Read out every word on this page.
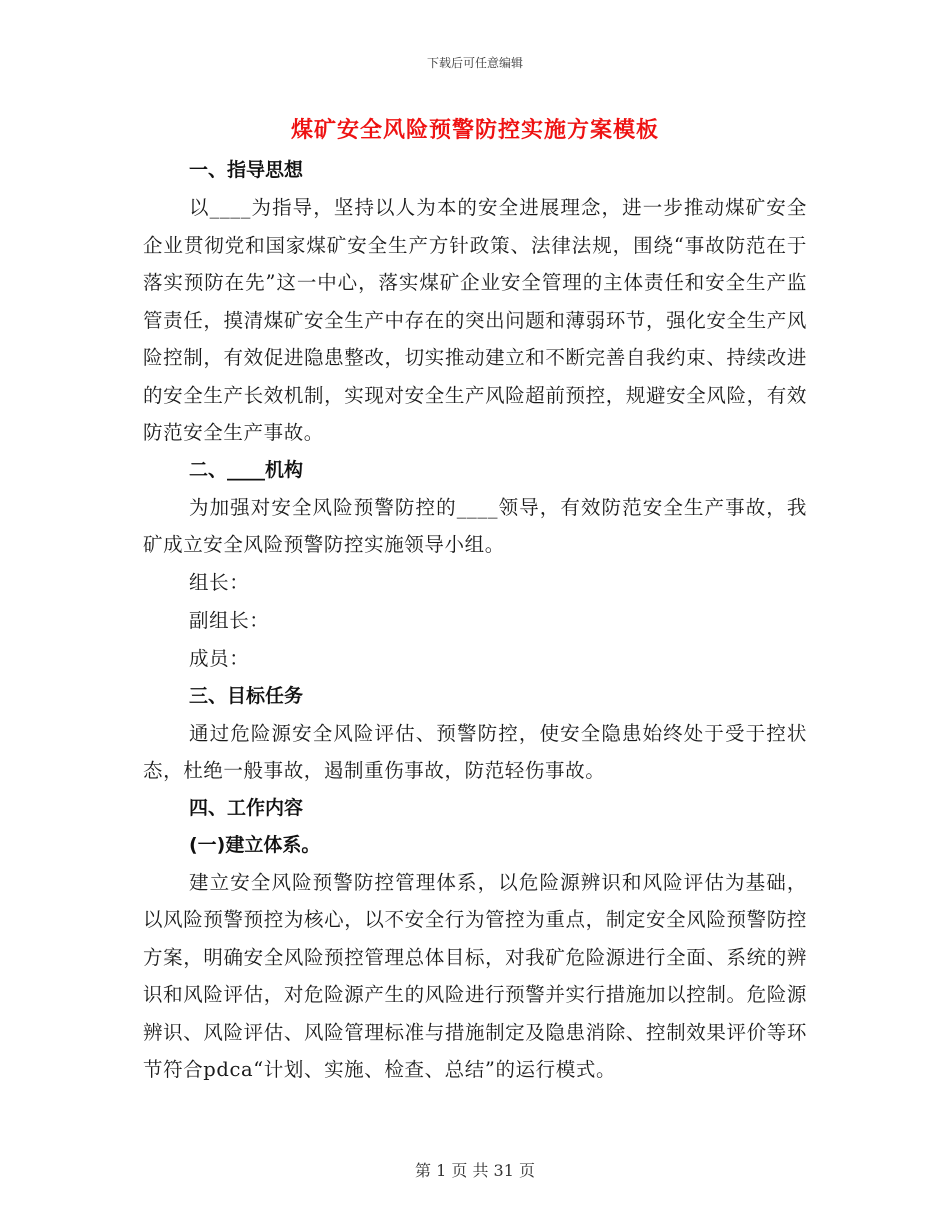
下载后可任意编辑
煤矿安全风险预警防控实施方案模板

一、指导思想

以____为指导，坚持以人为本的安全进展理念，进一步推动煤矿安全企业贯彻党和国家煤矿安全生产方针政策、法律法规，围绕“事故防范在于落实预防在先”这一中心，落实煤矿企业安全管理的主体责任和安全生产监管责任，摸清煤矿安全生产中存在的突出问题和薄弱环节，强化安全生产风险控制，有效促进隐患整改，切实推动建立和不断完善自我约束、持续改进的安全生产长效机制，实现对安全生产风险超前预控，规避安全风险，有效防范安全生产事故。

二、____机构

为加强对安全风险预警防控的____领导，有效防范安全生产事故，我矿成立安全风险预警防控实施领导小组。

组长：

副组长：

成员：

三、目标任务

通过危险源安全风险评估、预警防控，使安全隐患始终处于受于控状态，杜绝一般事故，遏制重伤事故，防范轻伤事故。

四、工作内容

(一)建立体系。

建立安全风险预警防控管理体系，以危险源辨识和风险评估为基础，以风险预警预控为核心，以不安全行为管控为重点，制定安全风险预警防控方案，明确安全风险预控管理总体目标，对我矿危险源进行全面、系统的辨识和风险评估，对危险源产生的风险进行预警并实行措施加以控制。危险源辨识、风险评估、风险管理标准与措施制定及隐患消除、控制效果评价等环节符合pdca“计划、实施、检查、总结”的运行模式。

第 1 页 共 31 页
